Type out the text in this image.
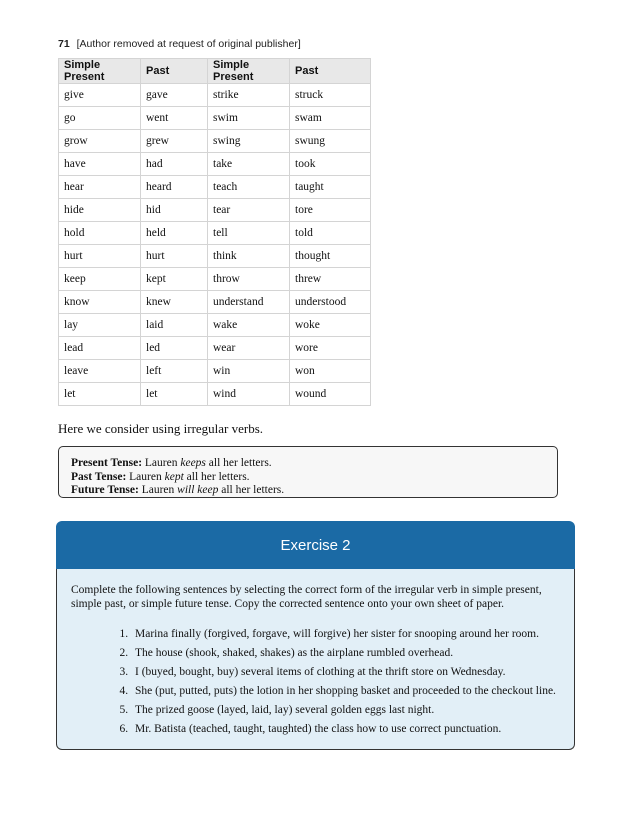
71 [Author removed at request of original publisher]
Simple Present	Past	Simple Present	Past
give	gave	strike	struck
go	went	swim	swam
grow	grew	swing	swung
have	had	take	took
hear	heard	teach	taught
hide	hid	tear	tore
hold	held	tell	told
hurt	hurt	think	thought
keep	kept	throw	threw
know	knew	understand	understood
lay	laid	wake	woke
lead	led	wear	wore
leave	left	win	won
let	let	wind	wound
Here we consider using irregular verbs.
Present Tense: Lauren keeps all her letters.
Past Tense: Lauren kept all her letters.
Future Tense: Lauren will keep all her letters.
Exercise 2

Complete the following sentences by selecting the correct form of the irregular verb in simple present, simple past, or simple future tense. Copy the corrected sentence onto your own sheet of paper.

1. Marina finally (forgived, forgave, will forgive) her sister for snooping around her room.
2. The house (shook, shaked, shakes) as the airplane rumbled overhead.
3. I (buyed, bought, buy) several items of clothing at the thrift store on Wednesday.
4. She (put, putted, puts) the lotion in her shopping basket and proceeded to the checkout line.
5. The prized goose (layed, laid, lay) several golden eggs last night.
6. Mr. Batista (teached, taught, taughted) the class how to use correct punctuation.
